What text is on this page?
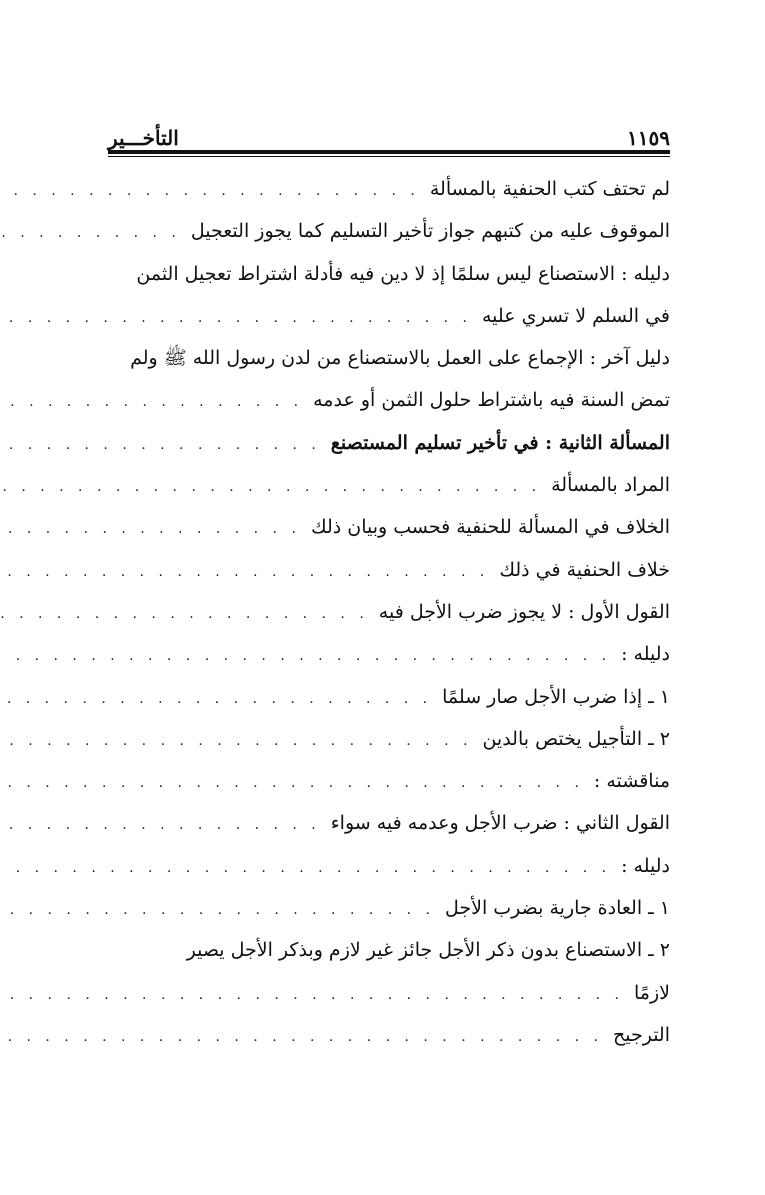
١١٥٩
التأخـــير
لم تحتف كتب الحنفية بالمسألة
. . .
الموقوف عليه من كتبهم جواز تأخير التسليم كما يجوز التعجيل
. . .
دليله : الاستصناع ليس سلمًا إذ لا دين فيه فأدلة اشتراط تعجيل الثمن
في السلم لا تسري عليه
. . .
دليل آخر : الإجماع على العمل بالاستصناع من لدن رسول الله ﷺ ولم
تمض السنة فيه باشتراط حلول الثمن أو عدمه
. . .
المسألة الثانية : في تأخير تسليم المستصنع
. . .
المراد بالمسألة
. . .
الخلاف في المسألة للحنفية فحسب وبيان ذلك
. . .
خلاف الحنفية في ذلك
. . .
القول الأول : لا يجوز ضرب الأجل فيه
. . .
دليله :
. . .
١ ـ إذا ضرب الأجل صار سلمًا
. . .
٢ ـ التأجيل يختص بالدين
. . .
مناقشته :
. . .
القول الثاني : ضرب الأجل وعدمه فيه سواء
. . .
دليله :
. . .
١ ـ العادة جارية بضرب الأجل
. . .
٢ ـ الاستصناع بدون ذكر الأجل جائز غير لازم وبذكر الأجل يصير
لازمًا
. . .
الترجيح
. . .
